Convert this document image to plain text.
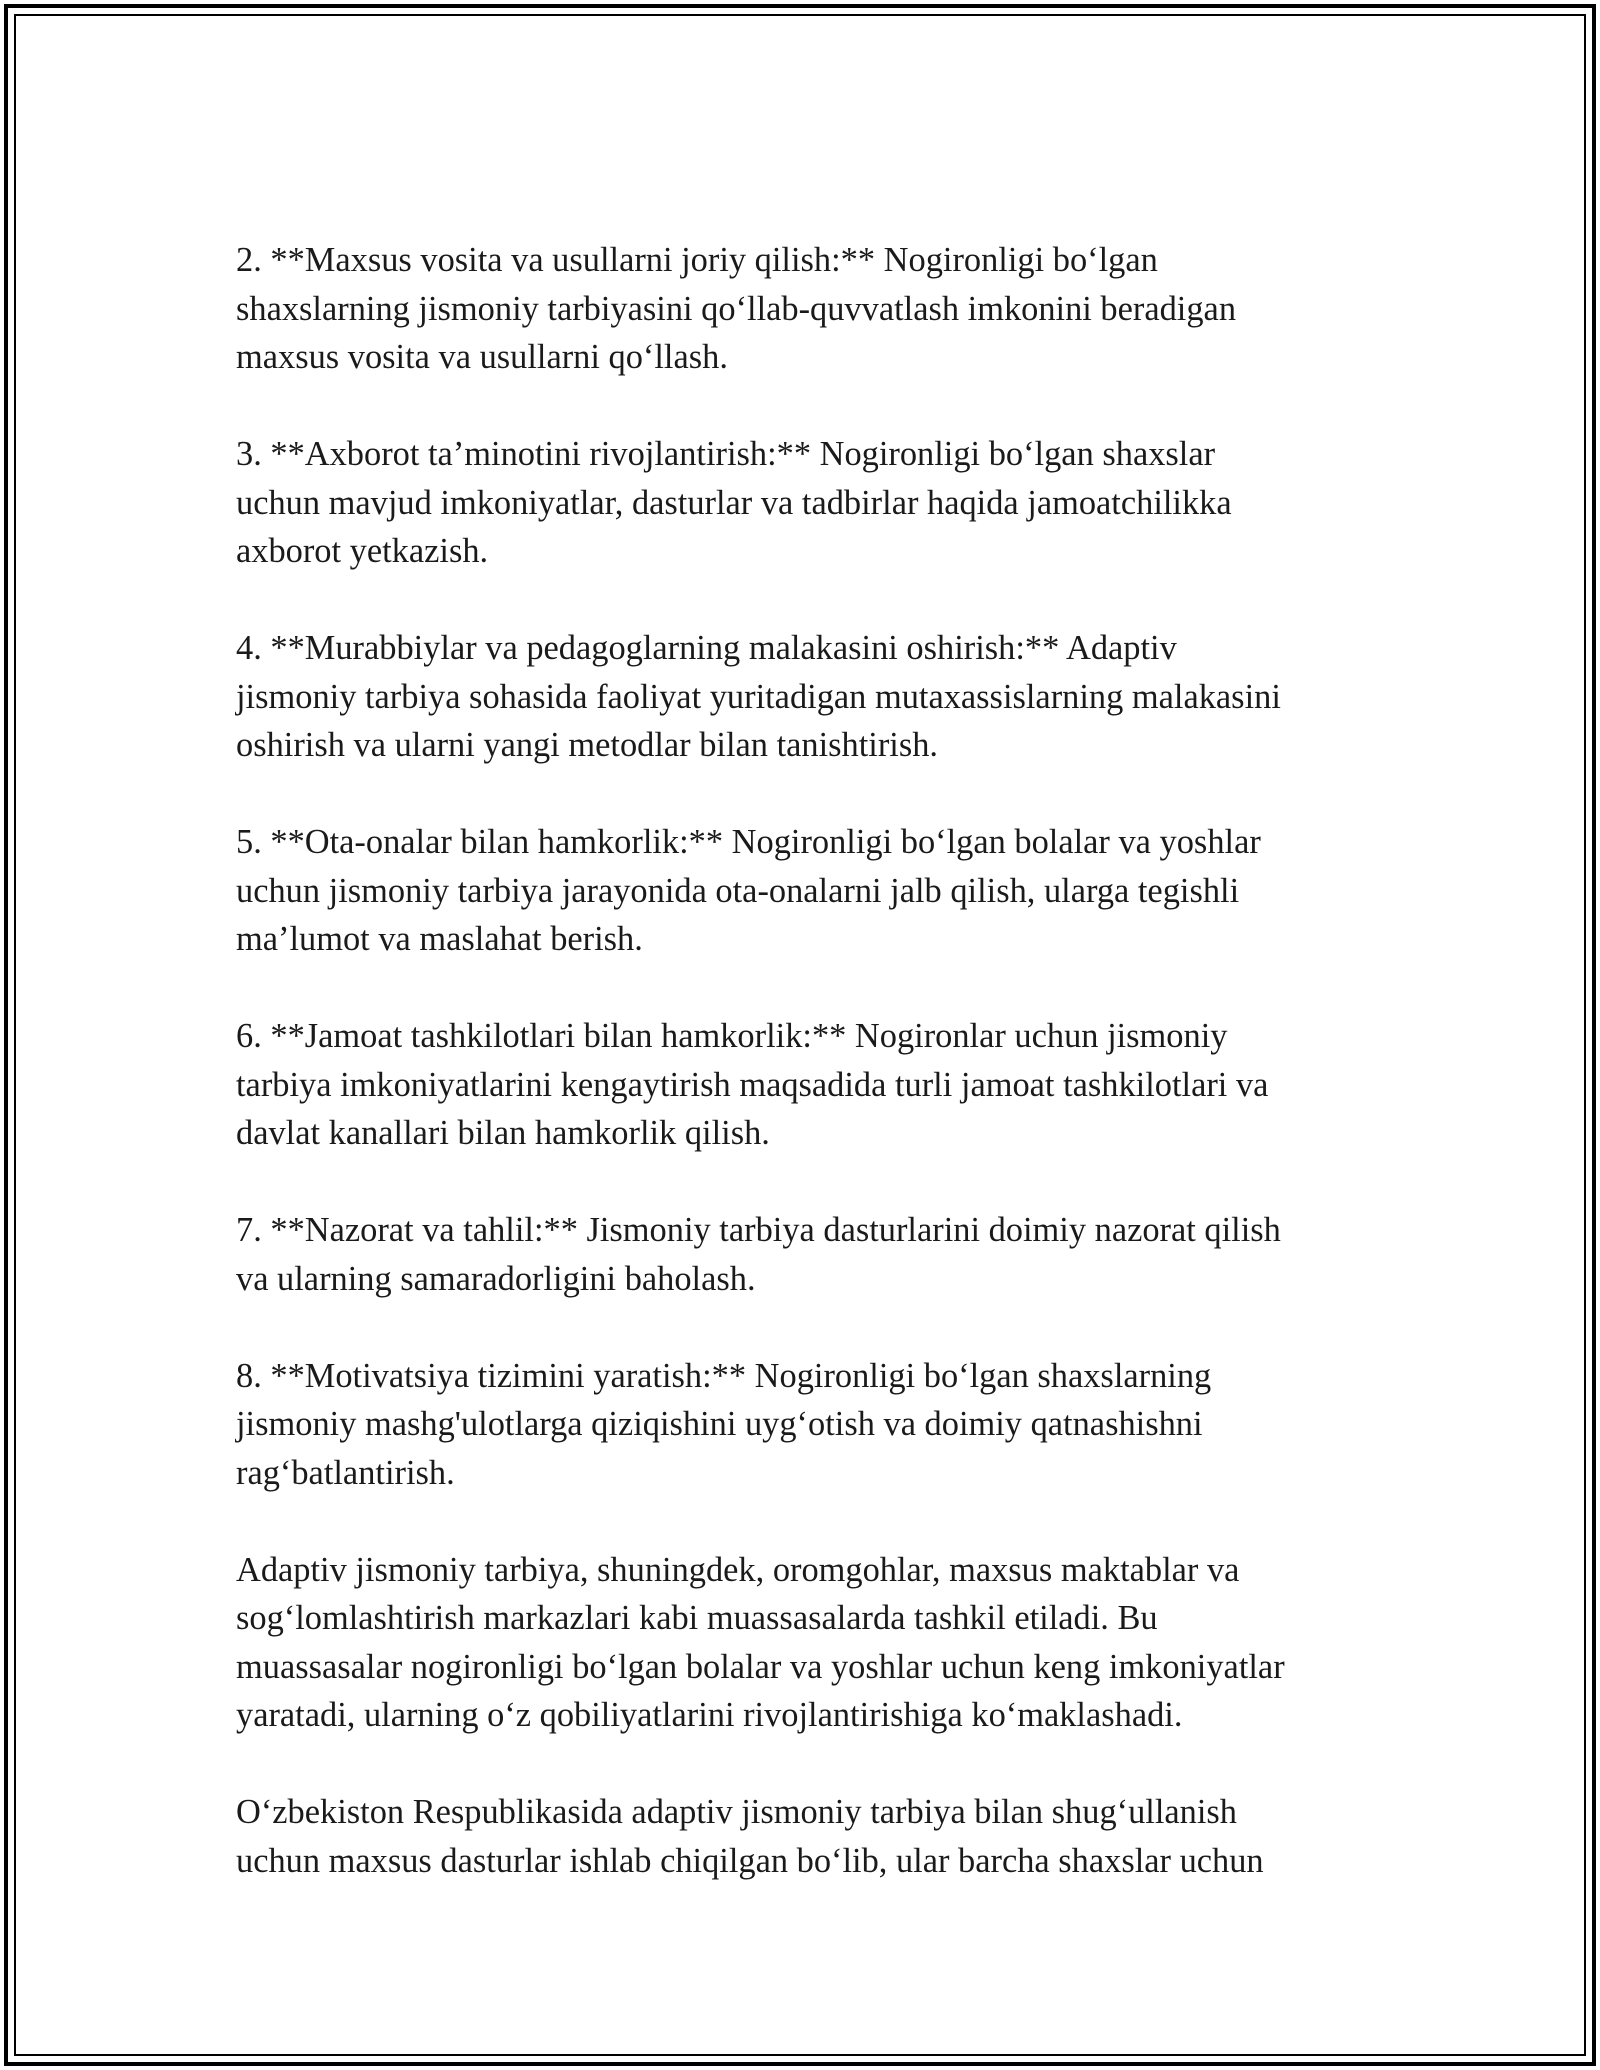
2. **Maxsus vosita va usullarni joriy qilish:** Nogironligi bo‘lgan
shaxslarning jismoniy tarbiyasini qo‘llab-quvvatlash imkonini beradigan
maxsus vosita va usullarni qo‘llash.

3. **Axborot ta’minotini rivojlantirish:** Nogironligi bo‘lgan shaxslar
uchun mavjud imkoniyatlar, dasturlar va tadbirlar haqida jamoatchilikka
axborot yetkazish.

4. **Murabbiylar va pedagoglarning malakasini oshirish:** Adaptiv
jismoniy tarbiya sohasida faoliyat yuritadigan mutaxassislarning malakasini
oshirish va ularni yangi metodlar bilan tanishtirish.

5. **Ota-onalar bilan hamkorlik:** Nogironligi bo‘lgan bolalar va yoshlar
uchun jismoniy tarbiya jarayonida ota-onalarni jalb qilish, ularga tegishli
ma’lumot va maslahat berish.

6. **Jamoat tashkilotlari bilan hamkorlik:** Nogironlar uchun jismoniy
tarbiya imkoniyatlarini kengaytirish maqsadida turli jamoat tashkilotlari va
davlat kanallari bilan hamkorlik qilish.

7. **Nazorat va tahlil:** Jismoniy tarbiya dasturlarini doimiy nazorat qilish
va ularning samaradorligini baholash.

8. **Motivatsiya tizimini yaratish:** Nogironligi bo‘lgan shaxslarning
jismoniy mashg'ulotlarga qiziqishini uyg‘otish va doimiy qatnashishni
rag‘batlantirish.

Adaptiv jismoniy tarbiya, shuningdek, oromgohlar, maxsus maktablar va
sog‘lomlashtirish markazlari kabi muassasalarda tashkil etiladi. Bu
muassasalar nogironligi bo‘lgan bolalar va yoshlar uchun keng imkoniyatlar
yaratadi, ularning o‘z qobiliyatlarini rivojlantirishiga ko‘maklashadi.

O‘zbekiston Respublikasida adaptiv jismoniy tarbiya bilan shug‘ullanish
uchun maxsus dasturlar ishlab chiqilgan bo‘lib, ular barcha shaxslar uchun
